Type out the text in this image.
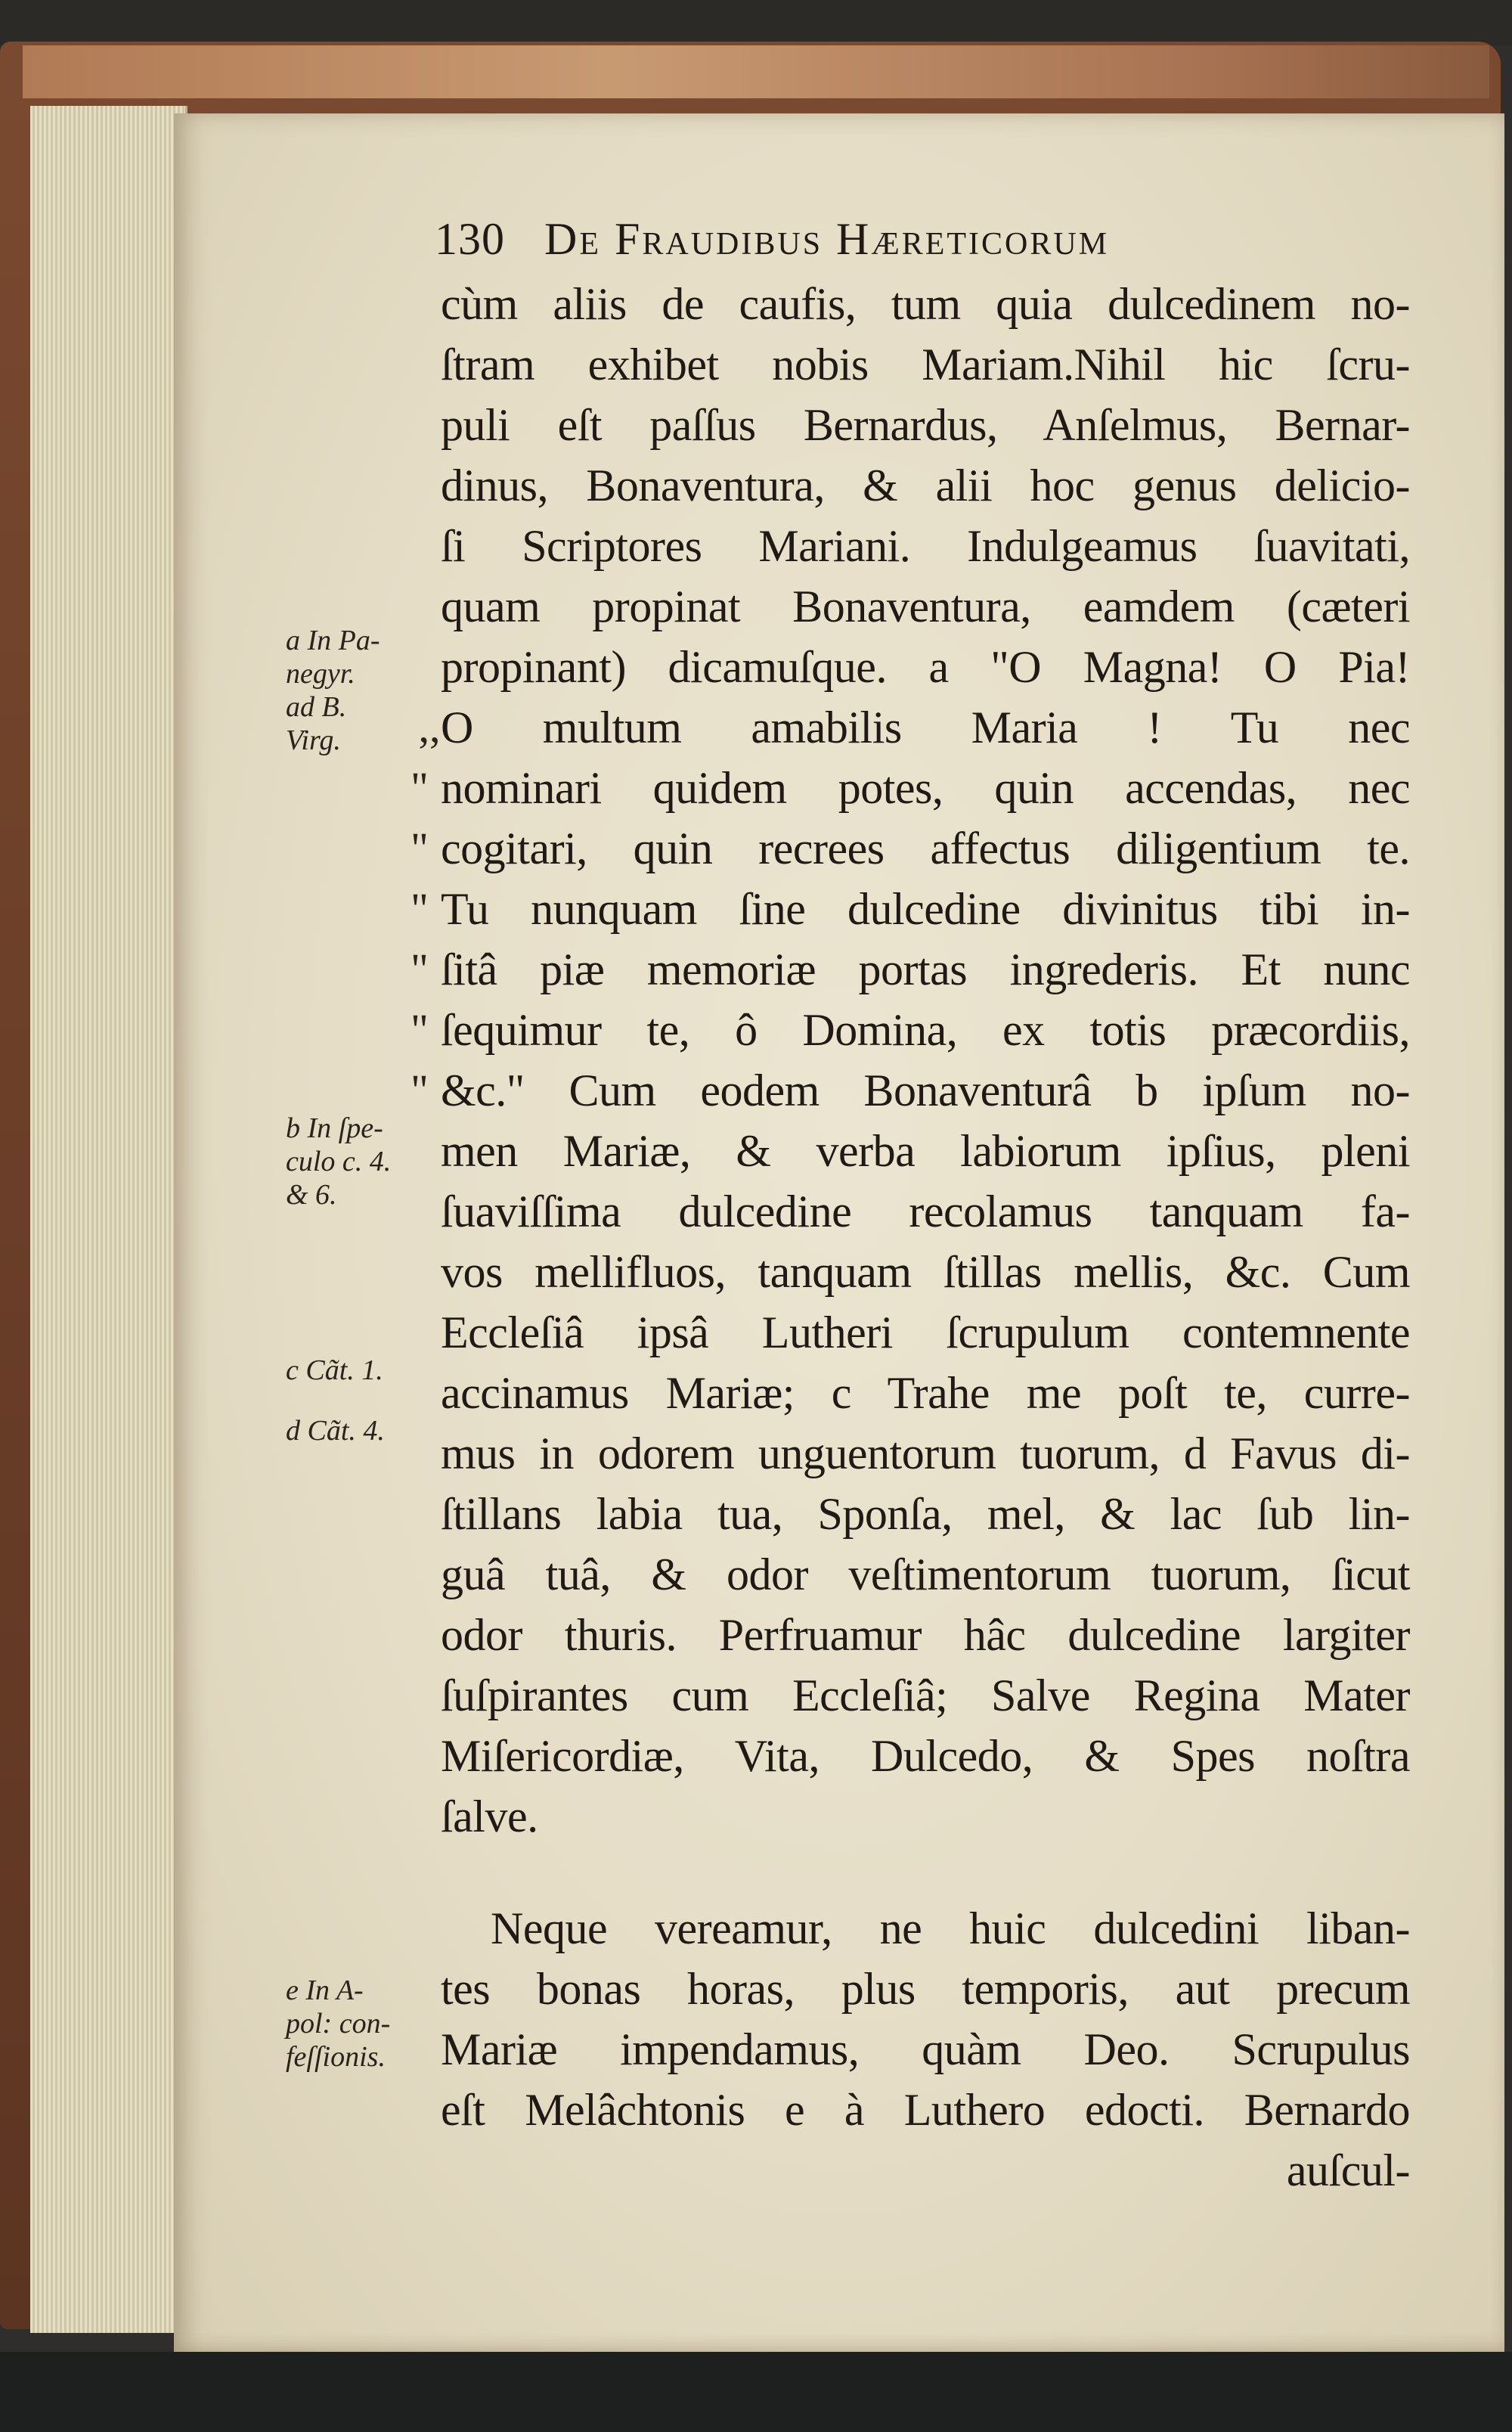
130 De Fraudibus Hæreticorum
cùm aliis de caufis, tum quia dulcedinem no-
ſtram exhibet nobis Mariam.Nihil hic ſcru-
puli eſt paſſus Bernardus, Anſelmus, Bernar-
dinus, Bonaventura, & alii hoc genus delicio-
ſi Scriptores Mariani. Indulgeamus ſuavitati,
quam propinat Bonaventura, eamdem (cæteri
propinant) dicamuſque. a "O Magna! O Pia!
O multum amabilis Maria ! Tu nec
nominari quidem potes, quin accendas, nec
cogitari, quin recrees affectus diligentium te.
Tu nunquam ſine dulcedine divinitus tibi in-
ſitâ piæ memoriæ portas ingrederis. Et nunc
ſequimur te, ô Domina, ex totis præcordiis,
&c." Cum eodem Bonaventurâ b ipſum no-
men Mariæ, & verba labiorum ipſius, pleni
ſuaviſſima dulcedine recolamus tanquam fa-
vos mellifluos, tanquam ſtillas mellis, &c. Cum
Eccleſiâ ipsâ Lutheri ſcrupulum contemnente
accinamus Mariæ; c Trahe me poſt te, curre-
mus in odorem unguentorum tuorum, d Favus di-
ſtillans labia tua, Sponſa, mel, & lac ſub lin-
guâ tuâ, & odor veſtimentorum tuorum, ſicut
odor thuris. Perfruamur hâc dulcedine largiter
ſuſpirantes cum Eccleſiâ; Salve Regina Mater
Miſericordiæ, Vita, Dulcedo, & Spes noſtra
ſalve.
Neque vereamur, ne huic dulcedini liban-
tes bonas horas, plus temporis, aut precum
Mariæ impendamus, quàm Deo. Scrupulus
eſt Melâchtonis e à Luthero edocti. Bernardo
auſcul-
,,
"
"
"
"
"
"
a In Pa-
negyr.
ad B.
Virg.
b In ſpe-
culo c. 4.
& 6.
c Cãt. 1.
d Cãt. 4.
e In A-
pol: con-
feſſionis.
